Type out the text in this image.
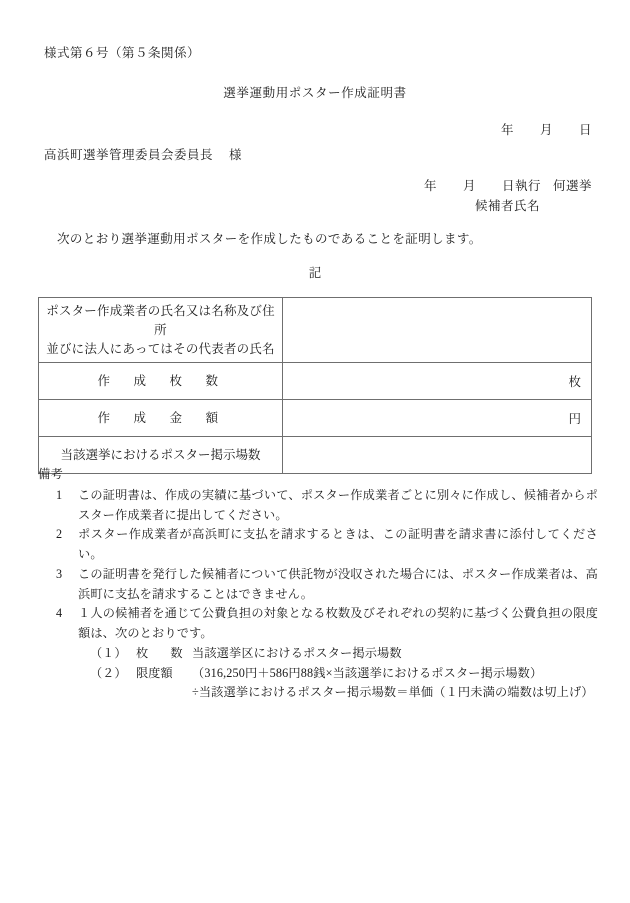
様式第６号（第５条関係）
選挙運動用ポスター作成証明書
年 月 日
高浜町選挙管理委員会委員長 様
年 月 日執行 何選挙
候補者氏名
次のとおり選挙運動用ポスターを作成したものであることを証明します。
記
ポスター作成業者の氏名又は名称及び住所
並びに法人にあってはその代表者の氏名	

作　成　枚　数	枚
作　成　金　額	円
当該選挙におけるポスター掲示場数	
備考
1	この証明書は、作成の実績に基づいて、ポスター作成業者ごとに別々に作成し、候補者からポスター作成業者に提出してください。
2	ポスター作成業者が高浜町に支払を請求するときは、この証明書を請求書に添付してください。
3	この証明書を発行した候補者について供託物が没収された場合には、ポスター作成業者は、高浜町に支払を請求することはできません。
4	１人の候補者を通じて公費負担の対象となる枚数及びそれぞれの契約に基づく公費負担の限度額は、次のとおりです。
（１） 枚　数 当該選挙区におけるポスター掲示場数
（２） 限度額	（316,250円＋586円88銭×当該選挙におけるポスター掲示場数）
÷当該選挙におけるポスター掲示場数＝単価（１円未満の端数は切上げ）
